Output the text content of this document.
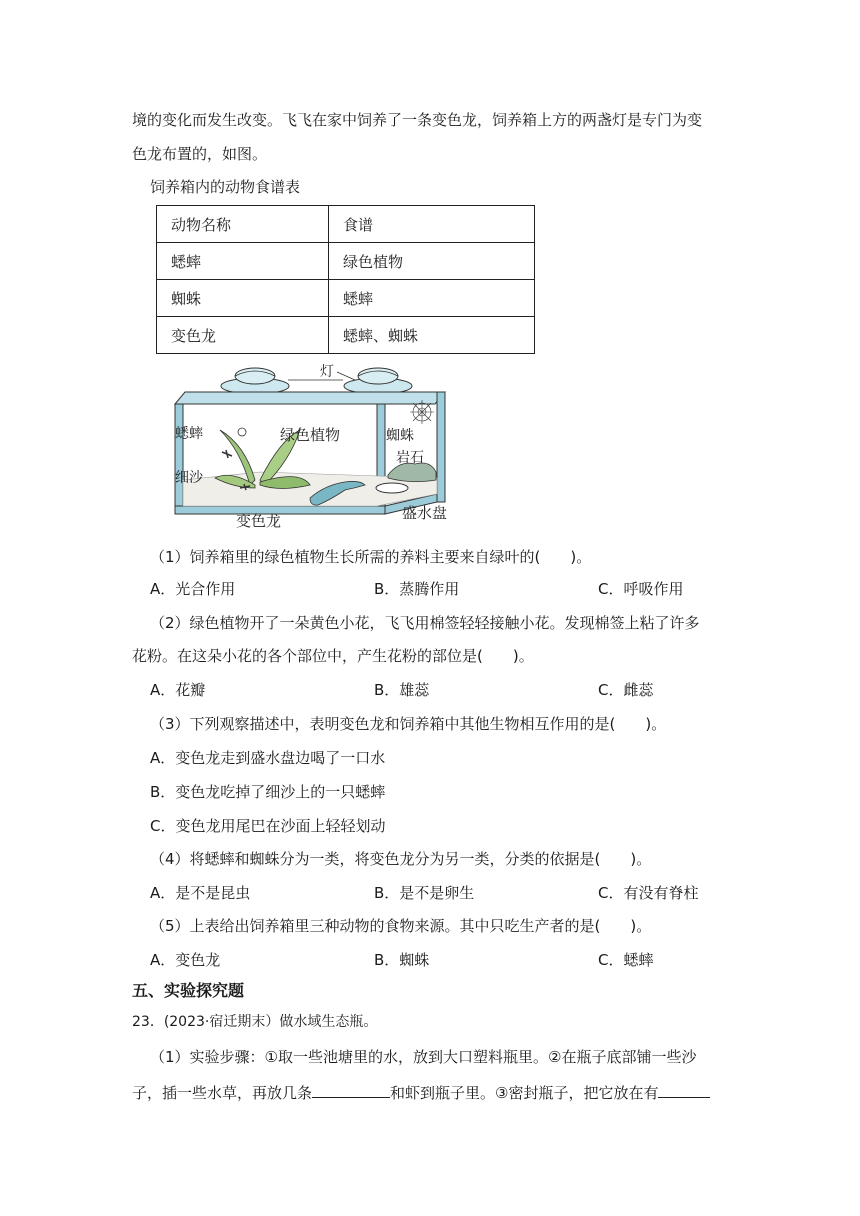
境的变化而发生改变。飞飞在家中饲养了一条变色龙，饲养箱上方的两盏灯是专门为变
色龙布置的，如图。
饲养箱内的动物食谱表
动物名称	食谱
蟋蟀	绿色植物
蜘蛛	蟋蟀
变色龙	蟋蟀、蜘蛛
灯
蟋蟀	绿色植物	蜘蛛
岩石
细沙
变色龙	盛水盘
（1）饲养箱里的绿色植物生长所需的养料主要来自绿叶的(　　)。
A．光合作用	B．蒸腾作用	C．呼吸作用
（2）绿色植物开了一朵黄色小花，飞飞用棉签轻轻接触小花。发现棉签上粘了许多
花粉。在这朵小花的各个部位中，产生花粉的部位是(　　)。
A．花瓣	B．雄蕊	C．雌蕊
（3）下列观察描述中，表明变色龙和饲养箱中其他生物相互作用的是(　　)。
A．变色龙走到盛水盘边喝了一口水
B．变色龙吃掉了细沙上的一只蟋蟀
C．变色龙用尾巴在沙面上轻轻划动
（4）将蟋蟀和蜘蛛分为一类，将变色龙分为另一类，分类的依据是(　　)。
A．是不是昆虫	B．是不是卵生	C．有没有脊柱
（5）上表给出饲养箱里三种动物的食物来源。其中只吃生产者的是(　　)。
A．变色龙	B．蜘蛛	C．蟋蟀
五、实验探究题
23．(2023·宿迁期末）做水域生态瓶。
（1）实验步骤：①取一些池塘里的水，放到大口塑料瓶里。②在瓶子底部铺一些沙
子，插一些水草，再放几条	和虾到瓶子里。③密封瓶子，把它放在有
